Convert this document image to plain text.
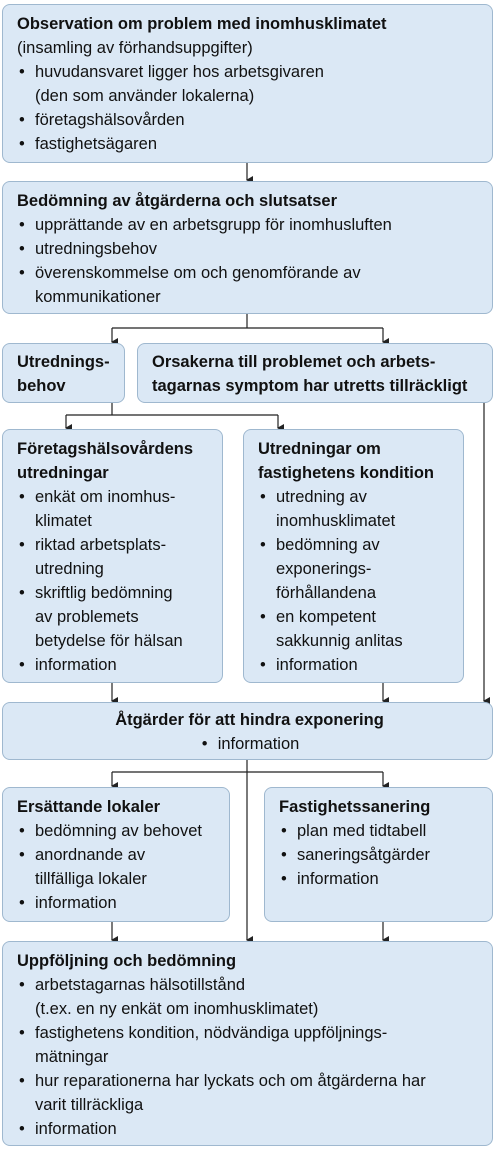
Observation om problem med inomhusklimatet
(insamling av förhandsuppgifter)
• huvudansvaret ligger hos arbetsgivaren
(den som använder lokalerna)
• företagshälsovården
• fastighetsägaren
Bedömning av åtgärderna och slutsatser
• upprättande av en arbetsgrupp för inomhusluften
• utredningsbehov
• överenskommelse om och genomförande av
kommunikationer
Utrednings-
behov
Orsakerna till problemet och arbets-
tagarnas symptom har utretts tillräckligt
Företagshälsovårdens
utredningar
• enkät om inomhus-
klimatet
• riktad arbetsplats-
utredning
• skriftlig bedömning
av problemets
betydelse för hälsan
• information
Utredningar om
fastighetens kondition
• utredning av
inomhusklimatet
• bedömning av
exponerings-
förhållandena
• en kompetent
sakkunnig anlitas
• information
Åtgärder för att hindra exponering
• information
Ersättande lokaler
• bedömning av behovet
• anordnande av
tillfälliga lokaler
• information
Fastighetssanering
• plan med tidtabell
• saneringsåtgärder
• information
Uppföljning och bedömning
• arbetstagarnas hälsotillstånd
(t.ex. en ny enkät om inomhusklimatet)
• fastighetens kondition, nödvändiga uppföljnings-
mätningar
• hur reparationerna har lyckats och om åtgärderna har
varit tillräckliga
• information
